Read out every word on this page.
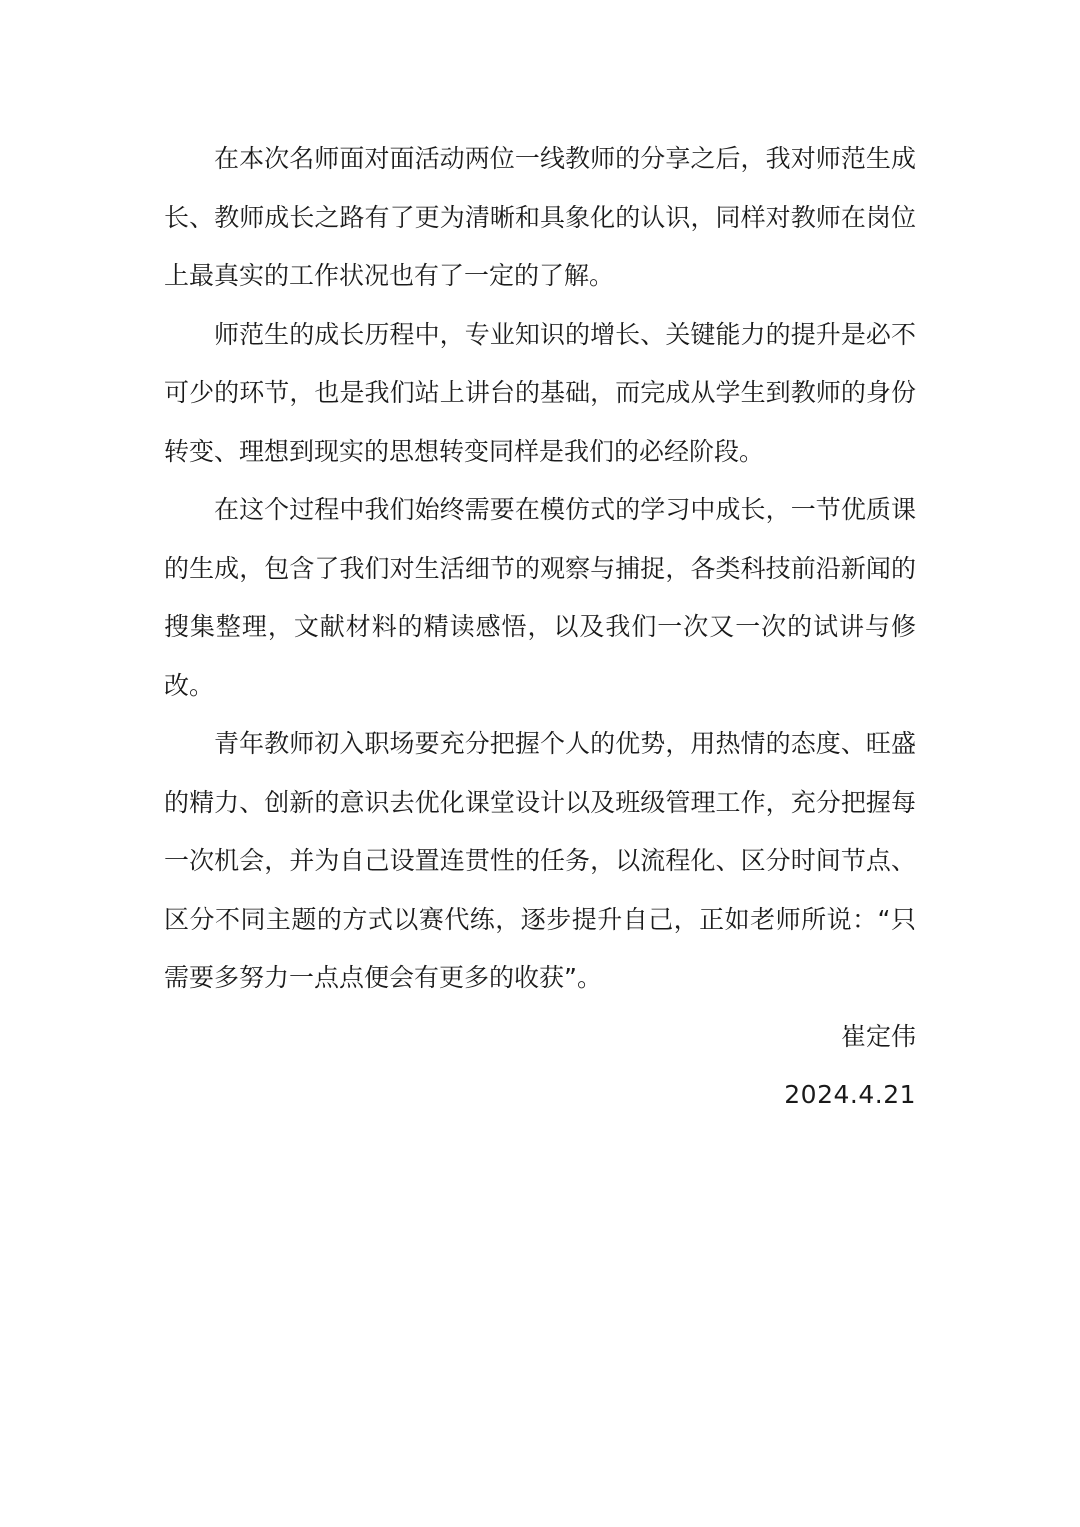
在本次名师面对面活动两位一线教师的分享之后，我对师范生成长、教师成长之路有了更为清晰和具象化的认识，同样对教师在岗位上最真实的工作状况也有了一定的了解。

师范生的成长历程中，专业知识的增长、关键能力的提升是必不可少的环节，也是我们站上讲台的基础，而完成从学生到教师的身份转变、理想到现实的思想转变同样是我们的必经阶段。

在这个过程中我们始终需要在模仿式的学习中成长，一节优质课的生成，包含了我们对生活细节的观察与捕捉，各类科技前沿新闻的搜集整理，文献材料的精读感悟，以及我们一次又一次的试讲与修改。

青年教师初入职场要充分把握个人的优势，用热情的态度、旺盛的精力、创新的意识去优化课堂设计以及班级管理工作，充分把握每一次机会，并为自己设置连贯性的任务，以流程化、区分时间节点、区分不同主题的方式以赛代练，逐步提升自己，正如老师所说：“只需要多努力一点点便会有更多的收获”。

崔定伟

2024.4.21
